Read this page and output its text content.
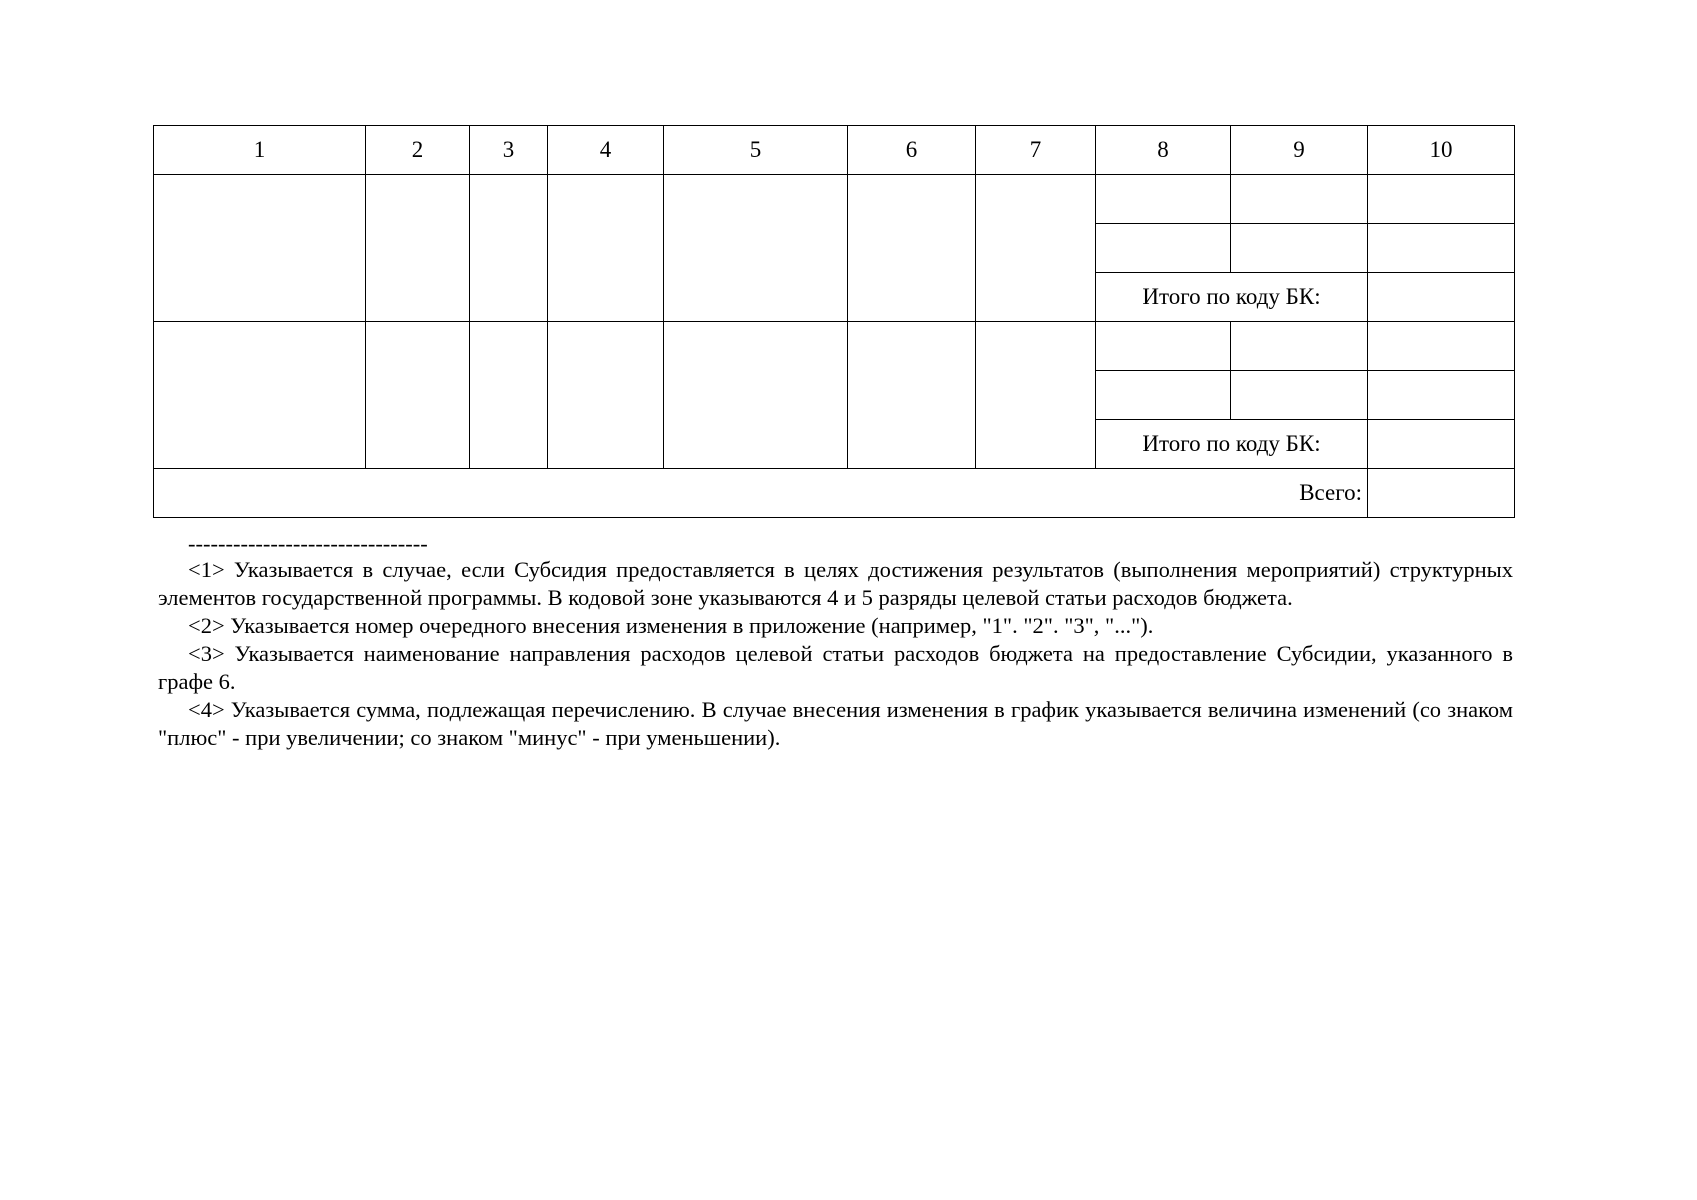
1	2	3	4	5	6	7	8	9	10

							Итого по коду БК:		

							Итого по коду БК:		
Всего:									
--------------------------------

<1> Указывается в случае, если Субсидия предоставляется в целях достижения результатов (выполнения мероприятий) структурных элементов государственной программы. В кодовой зоне указываются 4 и 5 разряды целевой статьи расходов бюджета.

<2> Указывается номер очередного внесения изменения в приложение (например, "1". "2". "3", "...").

<3> Указывается наименование направления расходов целевой статьи расходов бюджета на предоставление Субсидии, указанного в графе 6.

<4> Указывается сумма, подлежащая перечислению. В случае внесения изменения в график указывается величина изменений (со знаком "плюс" - при увеличении; со знаком "минус" - при уменьшении).
